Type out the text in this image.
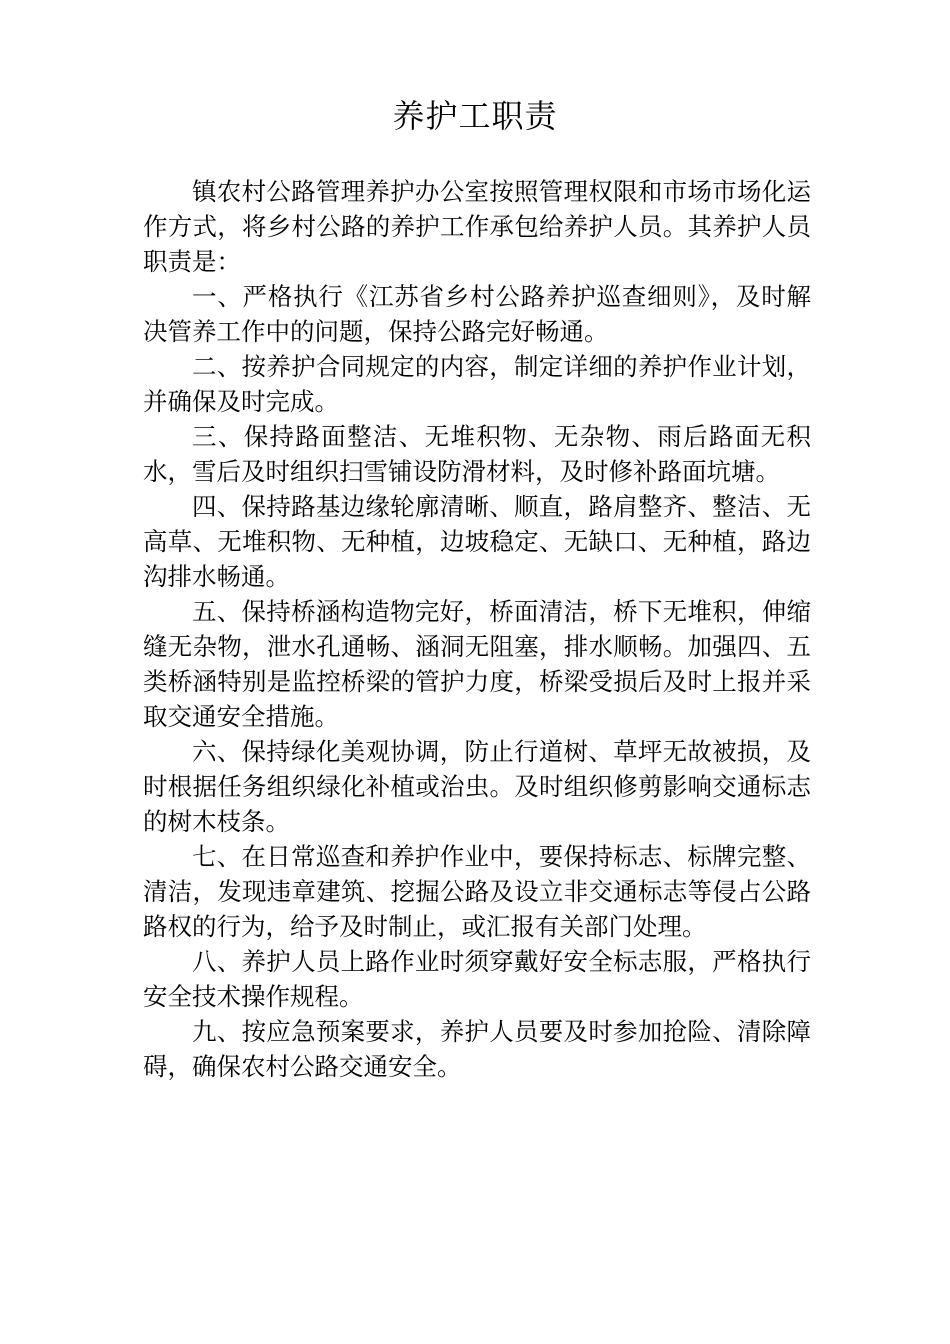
养护工职责

镇农村公路管理养护办公室按照管理权限和市场市场化运作方式，将乡村公路的养护工作承包给养护人员。其养护人员职责是：

一、严格执行《江苏省乡村公路养护巡查细则》，及时解决管养工作中的问题，保持公路完好畅通。

二、按养护合同规定的内容，制定详细的养护作业计划，并确保及时完成。

三、保持路面整洁、无堆积物、无杂物、雨后路面无积水，雪后及时组织扫雪铺设防滑材料，及时修补路面坑塘。

四、保持路基边缘轮廓清晰、顺直，路肩整齐、整洁、无高草、无堆积物、无种植，边坡稳定、无缺口、无种植，路边沟排水畅通。

五、保持桥涵构造物完好，桥面清洁，桥下无堆积，伸缩缝无杂物，泄水孔通畅、涵洞无阻塞，排水顺畅。加强四、五类桥涵特别是监控桥梁的管护力度，桥梁受损后及时上报并采取交通安全措施。

六、保持绿化美观协调，防止行道树、草坪无故被损，及时根据任务组织绿化补植或治虫。及时组织修剪影响交通标志的树木枝条。

七、在日常巡查和养护作业中，要保持标志、标牌完整、清洁，发现违章建筑、挖掘公路及设立非交通标志等侵占公路路权的行为，给予及时制止，或汇报有关部门处理。

八、养护人员上路作业时须穿戴好安全标志服，严格执行安全技术操作规程。

九、按应急预案要求，养护人员要及时参加抢险、清除障碍，确保农村公路交通安全。
